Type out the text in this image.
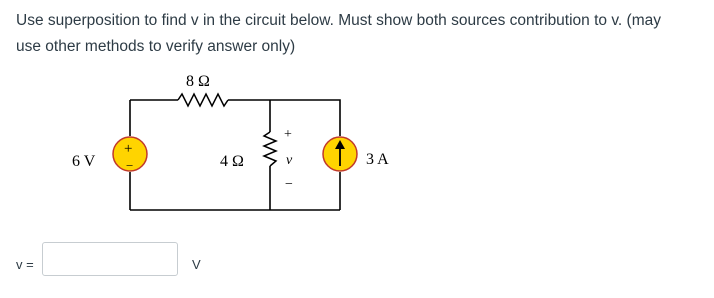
Use superposition to find v in the circuit below. Must show both sources contribution to v. (may
use other methods to verify answer only)
8 Ω
4 Ω
+
−
6 V	3 A
+
v
−
v =	V
